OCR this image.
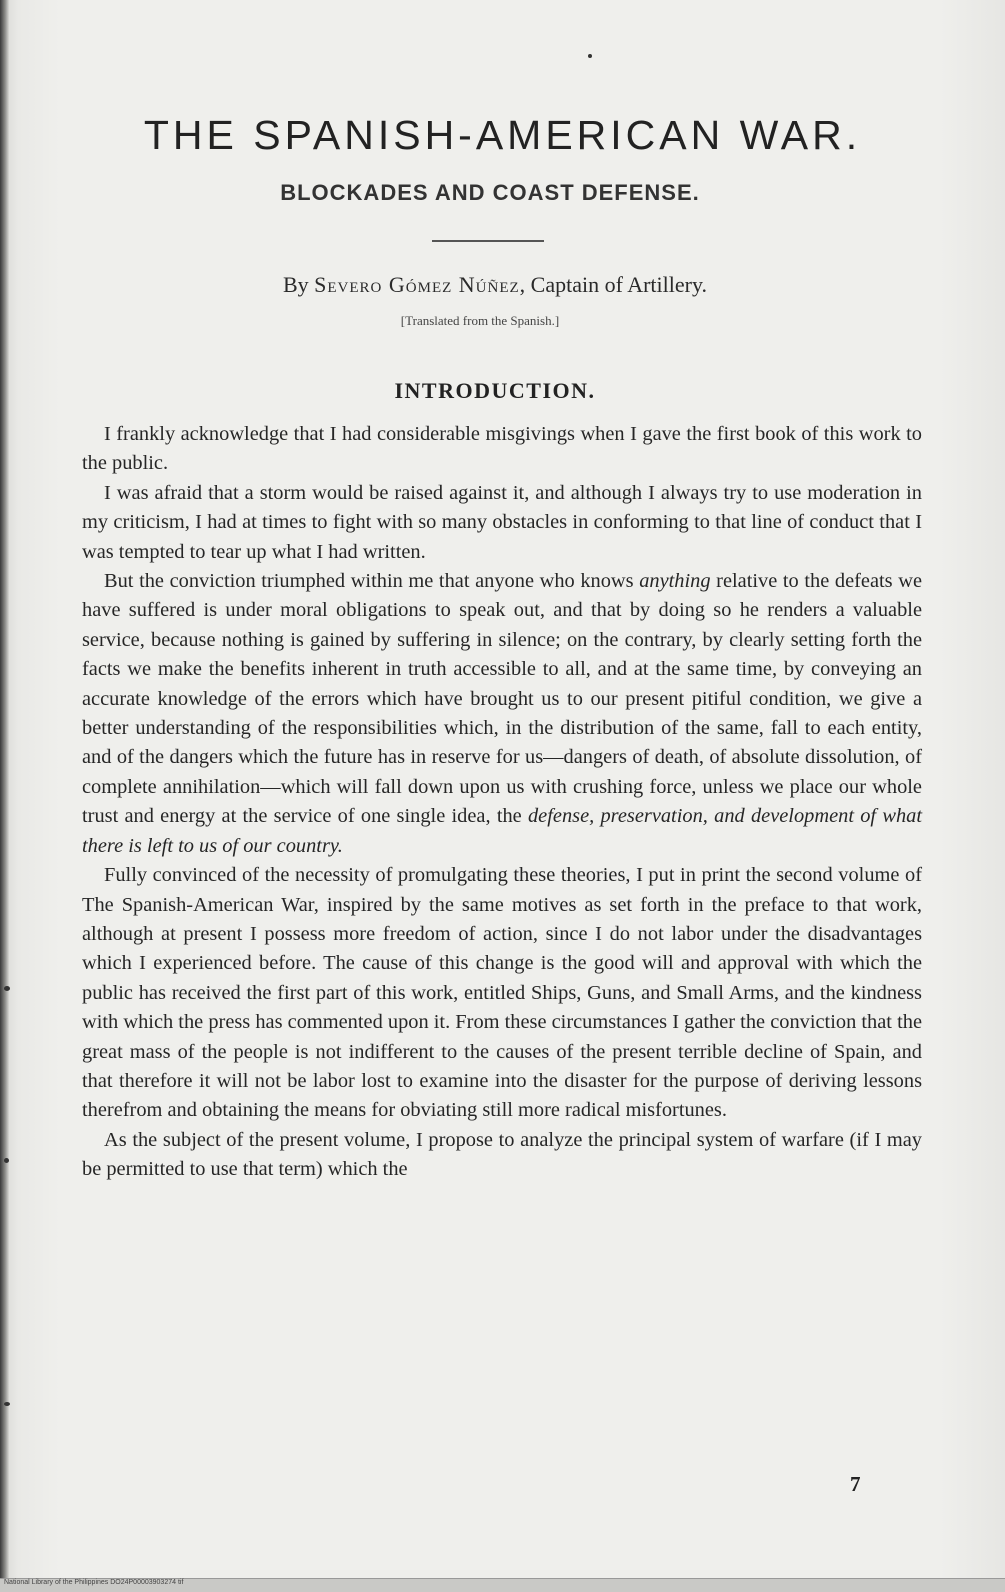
THE SPANISH-AMERICAN WAR.
BLOCKADES AND COAST DEFENSE.

By Severo Gómez Núñez, Captain of Artillery.

[Translated from the Spanish.]

INTRODUCTION.

I frankly acknowledge that I had considerable misgivings when I gave the first book of this work to the public.

I was afraid that a storm would be raised against it, and although I always try to use moderation in my criticism, I had at times to fight with so many obstacles in conforming to that line of conduct that I was tempted to tear up what I had written.

But the conviction triumphed within me that anyone who knows anything relative to the defeats we have suffered is under moral obligations to speak out, and that by doing so he renders a valuable service, because nothing is gained by suffering in silence; on the contrary, by clearly setting forth the facts we make the benefits inherent in truth accessible to all, and at the same time, by conveying an accurate knowledge of the errors which have brought us to our present pitiful condition, we give a better understanding of the responsibilities which, in the distribution of the same, fall to each entity, and of the dangers which the future has in reserve for us—dangers of death, of absolute dissolution, of complete annihilation—which will fall down upon us with crushing force, unless we place our whole trust and energy at the service of one single idea, the defense, preservation, and development of what there is left to us of our country.

Fully convinced of the necessity of promulgating these theories, I put in print the second volume of The Spanish-American War, inspired by the same motives as set forth in the preface to that work, although at present I possess more freedom of action, since I do not labor under the disadvantages which I experienced before. The cause of this change is the good will and approval with which the public has received the first part of this work, entitled Ships, Guns, and Small Arms, and the kindness with which the press has commented upon it. From these circumstances I gather the conviction that the great mass of the people is not indifferent to the causes of the present terrible decline of Spain, and that therefore it will not be labor lost to examine into the disaster for the purpose of deriving lessons therefrom and obtaining the means for obviating still more radical misfortunes.

As the subject of the present volume, I propose to analyze the principal system of warfare (if I may be permitted to use that term) which the

7

National Library of the Philippines DO24P00003903274 tif
